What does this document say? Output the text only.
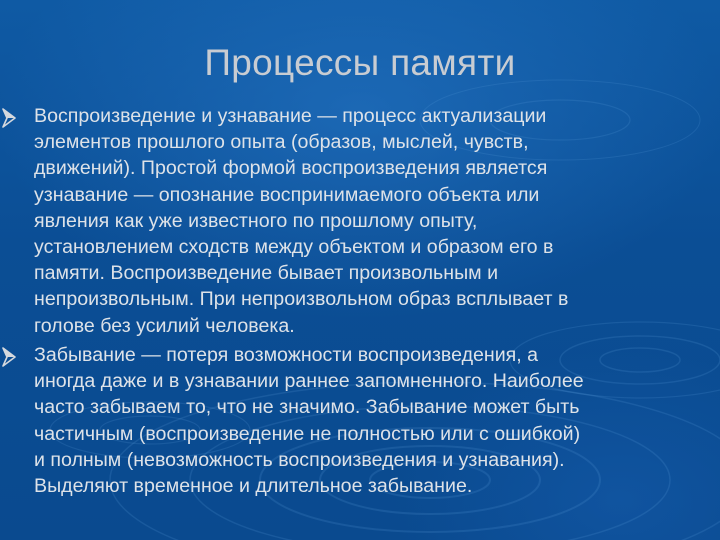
Процессы памяти

Воспроизведение и узнавание — процесс актуализации
элементов прошлого опыта (образов, мыслей, чувств,
движений). Простой формой воспроизведения является
узнавание — опознание воспринимаемого объекта или
явления как уже известного по прошлому опыту,
установлением сходств между объектом и образом его в
памяти. Воспроизведение бывает произвольным и
непроизвольным. При непроизвольном образ всплывает в
голове без усилий человека.

Забывание — потеря возможности воспроизведения, а
иногда даже и в узнавании раннее запомненного. Наиболее
часто забываем то, что не значимо. Забывание может быть
частичным (воспроизведение не полностью или с ошибкой)
и полным (невозможность воспроизведения и узнавания).
Выделяют временное и длительное забывание.
